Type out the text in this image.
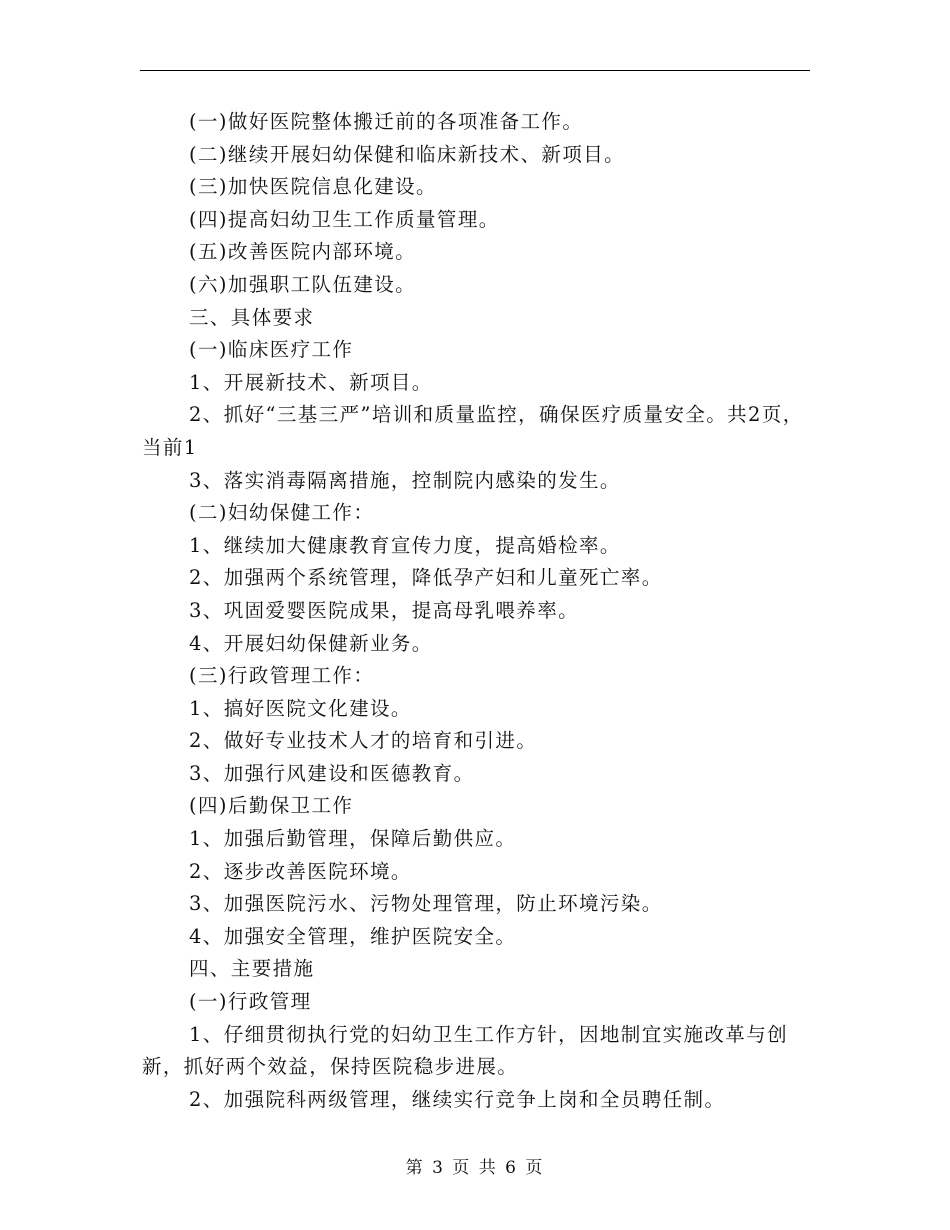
(一)做好医院整体搬迁前的各项准备工作。

(二)继续开展妇幼保健和临床新技术、新项目。

(三)加快医院信息化建设。

(四)提高妇幼卫生工作质量管理。

(五)改善医院内部环境。

(六)加强职工队伍建设。

三、具体要求

(一)临床医疗工作

1、开展新技术、新项目。

2、抓好“三基三严”培训和质量监控，确保医疗质量安全。共2页，当前1

3、落实消毒隔离措施，控制院内感染的发生。

(二)妇幼保健工作：

1、继续加大健康教育宣传力度，提高婚检率。

2、加强两个系统管理，降低孕产妇和儿童死亡率。

3、巩固爱婴医院成果，提高母乳喂养率。

4、开展妇幼保健新业务。

(三)行政管理工作：

1、搞好医院文化建设。

2、做好专业技术人才的培育和引进。

3、加强行风建设和医德教育。

(四)后勤保卫工作

1、加强后勤管理，保障后勤供应。

2、逐步改善医院环境。

3、加强医院污水、污物处理管理，防止环境污染。

4、加强安全管理，维护医院安全。

四、主要措施

(一)行政管理

1、仔细贯彻执行党的妇幼卫生工作方针，因地制宜实施改革与创新，抓好两个效益，保持医院稳步进展。

2、加强院科两级管理，继续实行竞争上岗和全员聘任制。

第 3 页 共 6 页
